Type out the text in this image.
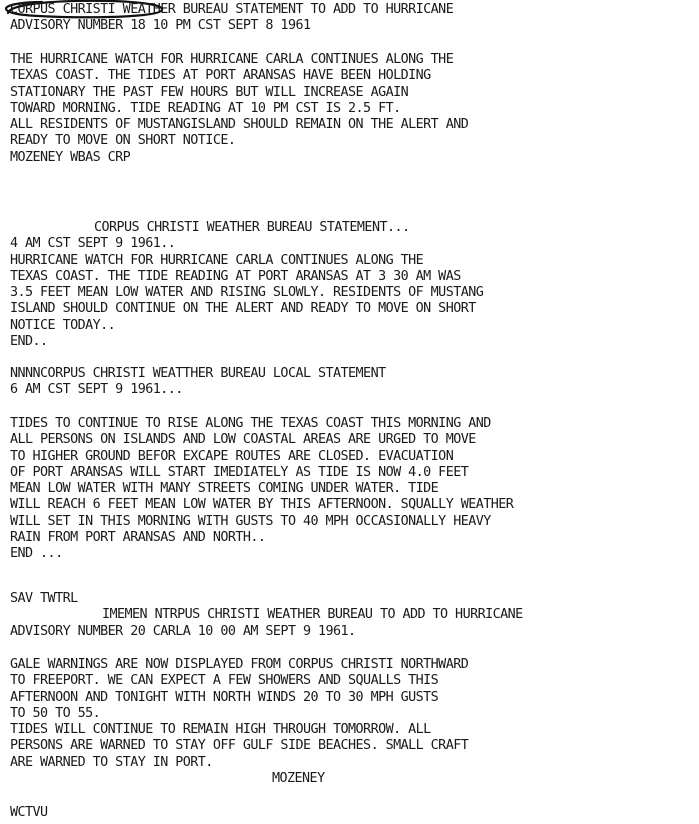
CORPUS CHRISTI WEATHER BUREAU STATEMENT TO ADD TO HURRICANE
ADVISORY NUMBER 18 10 PM CST SEPT 8 1961
THE HURRICANE WATCH FOR HURRICANE CARLA CONTINUES ALONG THE
TEXAS COAST. THE TIDES AT PORT ARANSAS HAVE BEEN HOLDING
STATIONARY THE PAST FEW HOURS BUT WILL INCREASE AGAIN
TOWARD MORNING. TIDE READING AT 10 PM CST IS 2.5 FT.
ALL RESIDENTS OF MUSTANGISLAND SHOULD REMAIN ON THE ALERT AND
READY TO MOVE ON SHORT NOTICE.
MOZENEY WBAS CRP
CORPUS CHRISTI WEATHER BUREAU STATEMENT...
4 AM CST SEPT 9 1961..
HURRICANE WATCH FOR HURRICANE CARLA CONTINUES ALONG THE
TEXAS COAST. THE TIDE READING AT PORT ARANSAS AT 3 30 AM WAS
3.5 FEET MEAN LOW WATER AND RISING SLOWLY. RESIDENTS OF MUSTANG
ISLAND SHOULD CONTINUE ON THE ALERT AND READY TO MOVE ON SHORT
NOTICE TODAY..
END..
NNNNCORPUS CHRISTI WEATTHER BUREAU LOCAL STATEMENT
6 AM CST SEPT 9 1961...
TIDES TO CONTINUE TO RISE ALONG THE TEXAS COAST THIS MORNING AND
ALL PERSONS ON ISLANDS AND LOW COASTAL AREAS ARE URGED TO MOVE
TO HIGHER GROUND BEFOR EXCAPE ROUTES ARE CLOSED. EVACUATION
OF PORT ARANSAS WILL START IMEDIATELY AS TIDE IS NOW 4.0 FEET
MEAN LOW WATER WITH MANY STREETS COMING UNDER WATER. TIDE
WILL REACH 6 FEET MEAN LOW WATER BY THIS AFTERNOON. SQUALLY WEATHER
WILL SET IN THIS MORNING WITH GUSTS TO 40 MPH OCCASIONALLY HEAVY
RAIN FROM PORT ARANSAS AND NORTH..
END ...
SAV TWTRL
IMEMEN NTRPUS CHRISTI WEATHER BUREAU TO ADD TO HURRICANE
ADVISORY NUMBER 20 CARLA 10 00 AM SEPT 9 1961.
GALE WARNINGS ARE NOW DISPLAYED FROM CORPUS CHRISTI NORTHWARD
TO FREEPORT. WE CAN EXPECT A FEW SHOWERS AND SQUALLS THIS
AFTERNOON AND TONIGHT WITH NORTH WINDS 20 TO 30 MPH GUSTS
TO 50 TO 55.
TIDES WILL CONTINUE TO REMAIN HIGH THROUGH TOMORROW. ALL
PERSONS ARE WARNED TO STAY OFF GULF SIDE BEACHES. SMALL CRAFT
ARE WARNED TO STAY IN PORT.
MOZENEY
WCTVU
